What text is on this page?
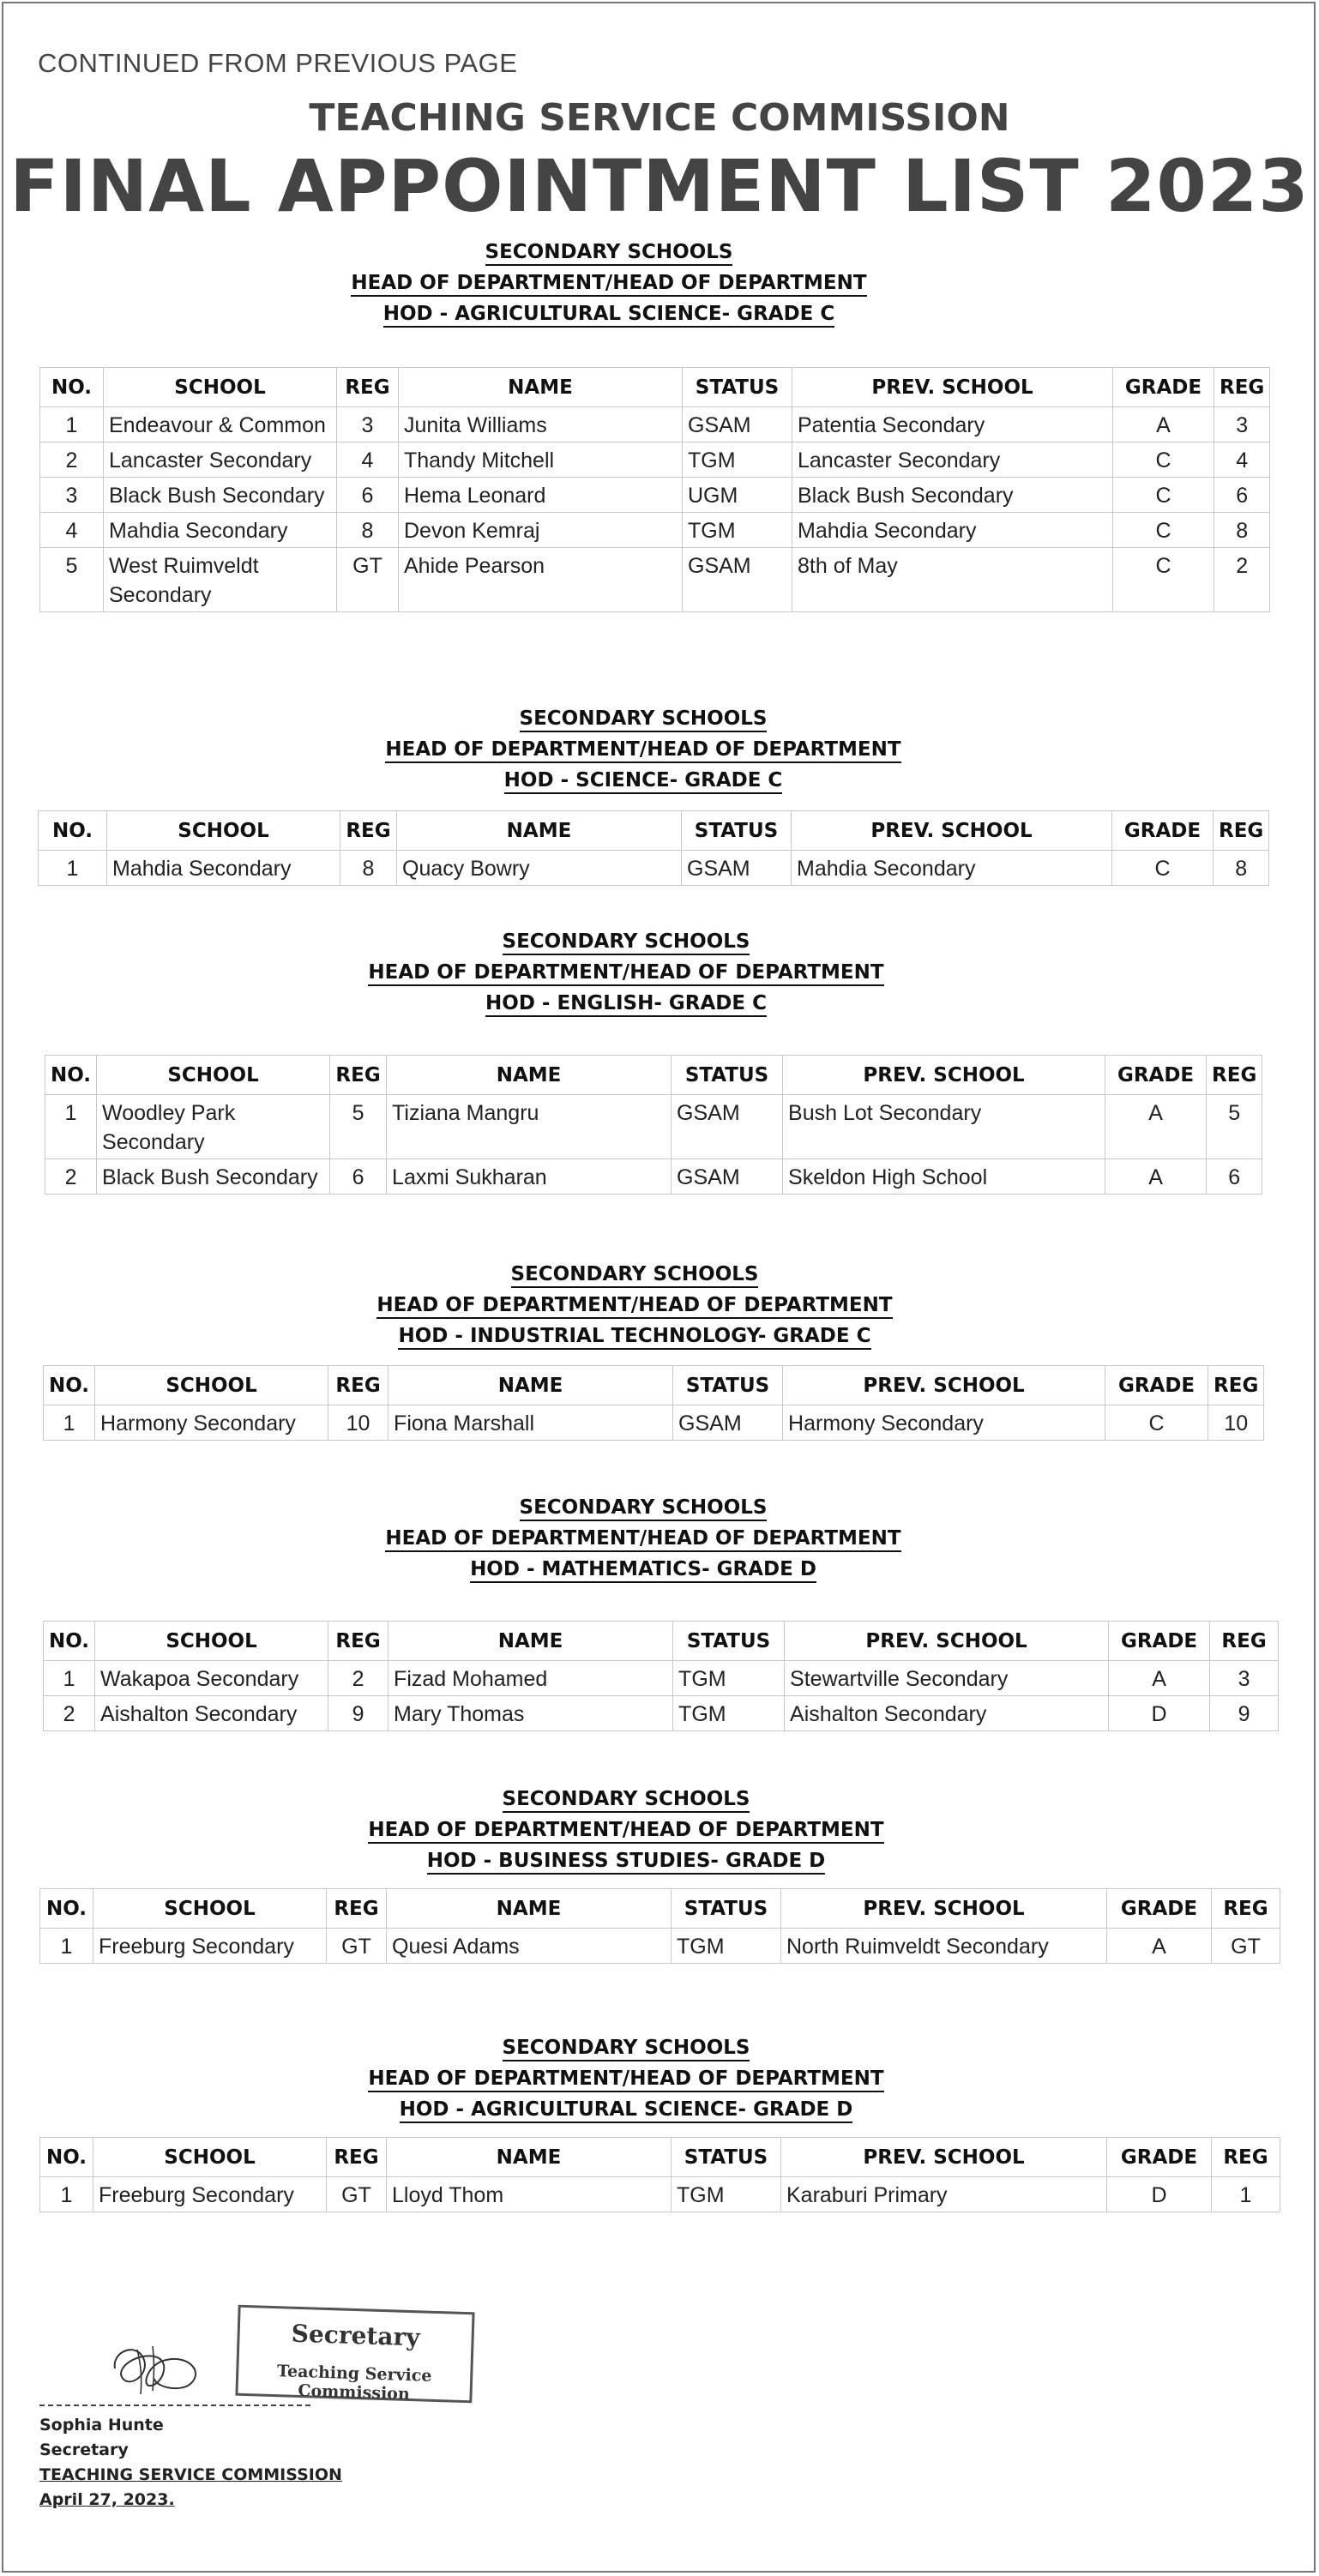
CONTINUED FROM PREVIOUS PAGE
TEACHING SERVICE COMMISSION
FINAL APPOINTMENT LIST 2023
SECONDARY SCHOOLS
HEAD OF DEPARTMENT/HEAD OF DEPARTMENT
HOD - AGRICULTURAL SCIENCE- GRADE C
NO.	SCHOOL	REG	NAME	STATUS	PREV. SCHOOL	GRADE	REG
1	Endeavour & Common	3	Junita Williams	GSAM	Patentia Secondary	A	3
2	Lancaster Secondary	4	Thandy Mitchell	TGM	Lancaster Secondary	C	4
3	Black Bush Secondary	6	Hema Leonard	UGM	Black Bush Secondary	C	6
4	Mahdia Secondary	8	Devon Kemraj	TGM	Mahdia Secondary	C	8
5	West Ruimveldt Secondary	GT	Ahide Pearson	GSAM	8th of May	C	2
SECONDARY SCHOOLS
HEAD OF DEPARTMENT/HEAD OF DEPARTMENT
HOD - SCIENCE- GRADE C
NO.	SCHOOL	REG	NAME	STATUS	PREV. SCHOOL	GRADE	REG
1	Mahdia Secondary	8	Quacy Bowry	GSAM	Mahdia Secondary	C	8
SECONDARY SCHOOLS
HEAD OF DEPARTMENT/HEAD OF DEPARTMENT
HOD - ENGLISH- GRADE C
NO.	SCHOOL	REG	NAME	STATUS	PREV. SCHOOL	GRADE	REG
1	Woodley Park Secondary	5	Tiziana Mangru	GSAM	Bush Lot Secondary	A	5
2	Black Bush Secondary	6	Laxmi Sukharan	GSAM	Skeldon High School	A	6
SECONDARY SCHOOLS
HEAD OF DEPARTMENT/HEAD OF DEPARTMENT
HOD - INDUSTRIAL TECHNOLOGY- GRADE C
NO.	SCHOOL	REG	NAME	STATUS	PREV. SCHOOL	GRADE	REG
1	Harmony Secondary	10	Fiona Marshall	GSAM	Harmony Secondary	C	10
SECONDARY SCHOOLS
HEAD OF DEPARTMENT/HEAD OF DEPARTMENT
HOD - MATHEMATICS- GRADE D
NO.	SCHOOL	REG	NAME	STATUS	PREV. SCHOOL	GRADE	REG
1	Wakapoa Secondary	2	Fizad Mohamed	TGM	Stewartville Secondary	A	3
2	Aishalton Secondary	9	Mary Thomas	TGM	Aishalton Secondary	D	9
SECONDARY SCHOOLS
HEAD OF DEPARTMENT/HEAD OF DEPARTMENT
HOD - BUSINESS STUDIES- GRADE D
NO.	SCHOOL	REG	NAME	STATUS	PREV. SCHOOL	GRADE	REG
1	Freeburg Secondary	GT	Quesi Adams	TGM	North Ruimveldt Secondary	A	GT
SECONDARY SCHOOLS
HEAD OF DEPARTMENT/HEAD OF DEPARTMENT
HOD - AGRICULTURAL SCIENCE- GRADE D
NO.	SCHOOL	REG	NAME	STATUS	PREV. SCHOOL	GRADE	REG
1	Freeburg Secondary	GT	Lloyd Thom	TGM	Karaburi Primary	D	1
Secretary
Teaching Service Commission
Sophia Hunte
Secretary
TEACHING SERVICE COMMISSION
April 27, 2023.
